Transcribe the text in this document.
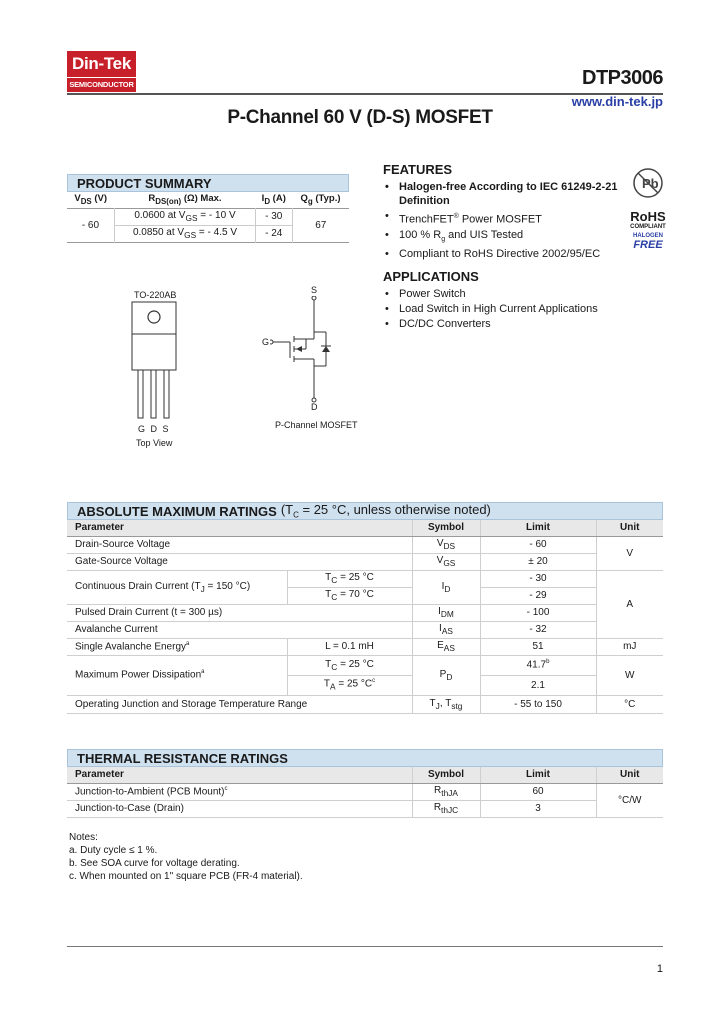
Din-Tek
SEMICONDUCTOR	DTP3006
www.din-tek.jp
P-Channel 60 V (D-S) MOSFET
PRODUCT SUMMARY
$V_{DS}$ (V)	$R_{DS(on)}$ (Ω) Max.	$I_D$ (A)	$Q_g$ (Typ.)
- 60	0.0600 at $V_{GS}$ = - 10 V	- 30	67
	0.0850 at $V_{GS}$ = - 4.5 V	- 24	
FEATURES
• Halogen-free According to IEC 61249-2-21
Definition
• TrenchFET® Power MOSFET
• 100 % $R_g$ and UIS Tested
• Compliant to RoHS Directive 2002/95/EC
Pb
RoHS
COMPLIANT
HALOGEN
FREE
APPLICATIONS
• Power Switch
• Load Switch in High Current Applications
• DC/DC Converters
TO-220AB
G D S
Top View
S
G
D
P-Channel MOSFET
ABSOLUTE MAXIMUM RATINGS ($T_C = 25$ °C, unless otherwise noted)
Parameter		Symbol	Limit	Unit
Drain-Source Voltage		$V_{DS}$	- 60	V
Gate-Source Voltage		$V_{GS}$	± 20	
Continuous Drain Current ($T_J = 150$ °C)	$T_C = 25$ °C	$I_D$	- 30	A
	$T_C = 70$ °C		- 29	
Pulsed Drain Current (t = 300 µs)		$I_{DM}$	- 100	
Avalanche Current		$I_{AS}$	- 32	
Single Avalanche Energy$^a$	L = 0.1 mH	$E_{AS}$	51	mJ
Maximum Power Dissipation$^a$	$T_C = 25$ °C	$P_D$	41.7$^b$	W
	$T_A = 25$ $^\circ C^c$		2.1	
Operating Junction and Storage Temperature Range		$T_J$, $T_{stg}$	- 55 to 150	°C
THERMAL RESISTANCE RATINGS
Parameter	Symbol	Limit	Unit
Junction-to-Ambient (PCB Mount)$^c$	$R_{thJA}$	60	°C/W
Junction-to-Case (Drain)	$R_{thJC}$	3	
Notes:
a. Duty cycle ≤ 1 %.
b. See SOA curve for voltage derating.
c. When mounted on 1" square PCB (FR-4 material).
1
